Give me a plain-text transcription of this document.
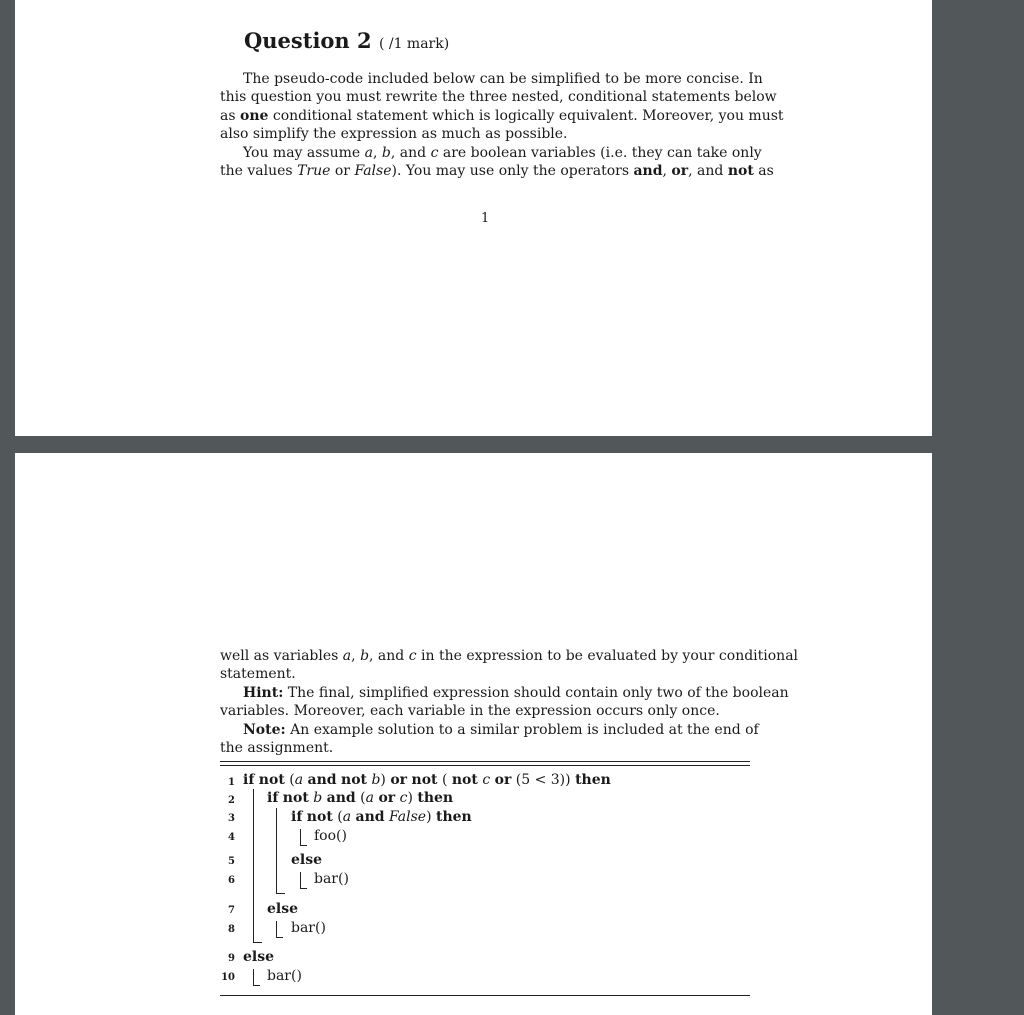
Question 2 ( /1 mark)
The pseudo-code included below can be simplified to be more concise. In
this question you must rewrite the three nested, conditional statements below
as one conditional statement which is logically equivalent. Moreover, you must
also simplify the expression as much as possible.
You may assume a, b, and c are boolean variables (i.e. they can take only
the values True or False). You may use only the operators and, or, and not as
1
well as variables a, b, and c in the expression to be evaluated by your conditional
statement.
Hint: The final, simplified expression should contain only two of the boolean
variables. Moreover, each variable in the expression occurs only once.
Note: An example solution to a similar problem is included at the end of
the assignment.
1
2
3
4
5
6
7
8
9
10
if not (a and not b) or not ( not c or (5 < 3)) then
if not b and (a or c) then
if not (a and False) then
foo()
else
bar()
else
bar()
else
bar()
